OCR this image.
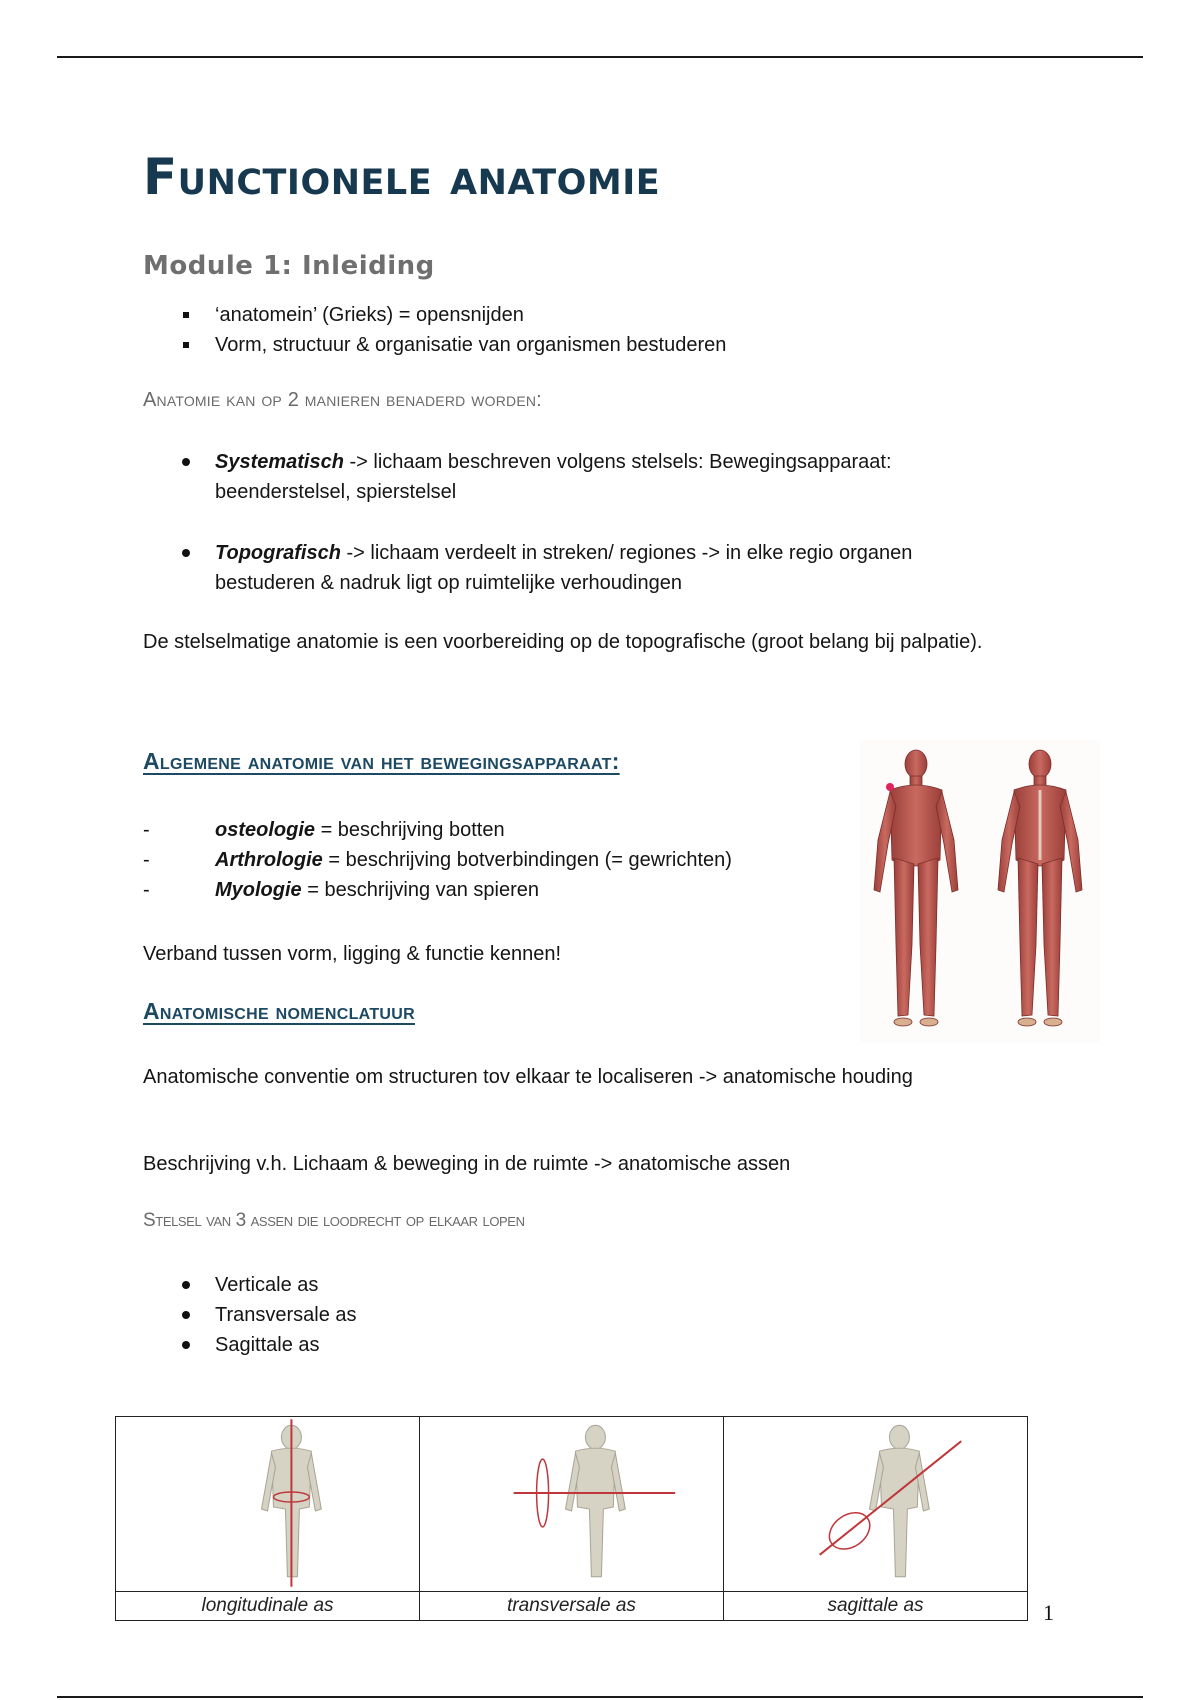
Functionele anatomie
Module 1: Inleiding
‘anatomein’ (Grieks) = opensnijden
Vorm, structuur & organisatie van organismen bestuderen
Anatomie kan op 2 manieren benaderd worden:
Systematisch -> lichaam beschreven volgens stelsels: Bewegingsapparaat: beenderstelsel, spierstelsel
Topografisch -> lichaam verdeelt in streken/ regiones -> in elke regio organen bestuderen & nadruk ligt op ruimtelijke verhoudingen

De stelselmatige anatomie is een voorbereiding op de topografische (groot belang bij palpatie).

Algemene anatomie van het bewegingsapparaat:
- osteologie = beschrijving botten
- Arthrologie = beschrijving botverbindingen (= gewrichten)
- Myologie = beschrijving van spieren

Verband tussen vorm, ligging & functie kennen!

Anatomische nomenclatuur

Anatomische conventie om structuren tov elkaar te localiseren -> anatomische houding

Beschrijving v.h. Lichaam & beweging in de ruimte -> anatomische assen

Stelsel van 3 assen die loodrecht op elkaar lopen
Verticale as
Transversale as
Sagittale as
longitudinale as	transversale as	sagittale as	1
